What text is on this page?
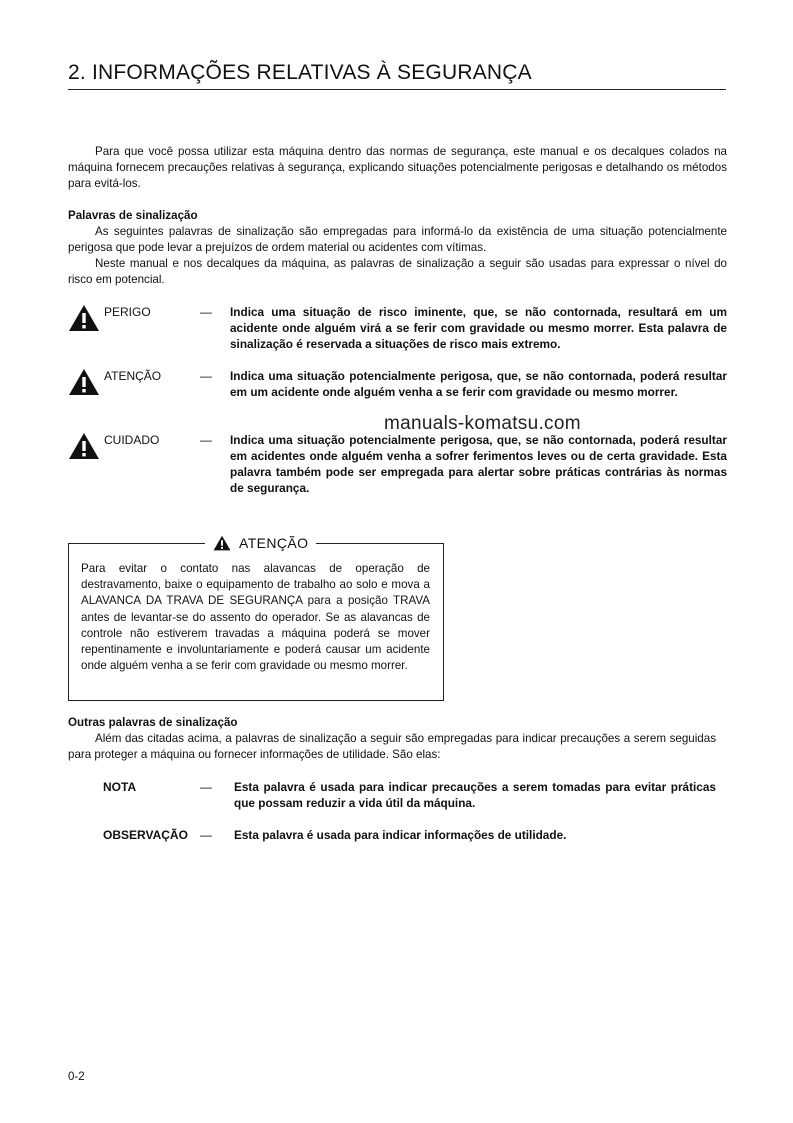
2. INFORMAÇÕES RELATIVAS À SEGURANÇA

Para que você possa utilizar esta máquina dentro das normas de segurança, este manual e os decalques colados na máquina fornecem precauções relativas à segurança, explicando situações potencialmente perigosas e detalhando os métodos para evitá-los.

Palavras de sinalização

As seguintes palavras de sinalização são empregadas para informá-lo da existência de uma situação potencialmente perigosa que pode levar a prejuízos de ordem material ou acidentes com vítimas.

Neste manual e nos decalques da máquina, as palavras de sinalização a seguir são usadas para expressar o nível do risco em potencial.

PERIGO	— Indica uma situação de risco iminente, que, se não contornada, resultará em um acidente onde alguém virá a se ferir com gravidade ou mesmo morrer. Esta palavra de sinalização é reservada a situações de risco mais extremo.

ATENÇÃO	— Indica uma situação potencialmente perigosa, que, se não contornada, poderá resultar em um acidente onde alguém venha a se ferir com gravidade ou mesmo morrer.

CUIDADO	— Indica uma situação potencialmente perigosa, que, se não contornada, poderá resultar em acidentes onde alguém venha a sofrer ferimentos leves ou de certa gravidade. Esta palavra também pode ser empregada para alertar sobre práticas contrárias às normas de segurança.

manuals-komatsu.com
ATENÇÃO

Para evitar o contato nas alavancas de operação de destravamento, baixe o equipamento de trabalho ao solo e mova a ALAVANCA DA TRAVA DE SEGURANÇA para a posição TRAVA antes de levantar-se do assento do operador. Se as alavancas de controle não estiverem travadas a máquina poderá se mover repentinamente e involuntariamente e poderá causar um acidente onde alguém venha a se ferir com gravidade ou mesmo morrer.

Outras palavras de sinalização

Além das citadas acima, a palavras de sinalização a seguir são empregadas para indicar precauções a serem seguidas para proteger a máquina ou fornecer informações de utilidade. São elas:

NOTA	— Esta palavra é usada para indicar precauções a serem tomadas para evitar práticas que possam reduzir a vida útil da máquina.

OBSERVAÇÃO — Esta palavra é usada para indicar informações de utilidade.

0-2
